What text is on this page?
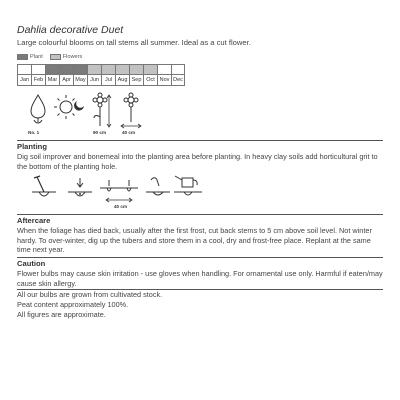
Dahlia decorative Duet
Large colourful blooms on tall stems all summer. Ideal as a cut flower.
Plant	Flowers
Jan Feb Mar Apr May Jun	Jul	Aug Sep Oct Nov Dec
No. 1	90 cm	40 cm
Planting

Dig soil improver and bonemeal into the planting area before planting. In heavy clay soils add horticultural grit to the bottom of the planting hole.

40 cm
Aftercare

When the foliage has died back, usually after the first frost, cut back stems to 5 cm above soil level. Not winter hardy. To over-winter, dig up the tubers and store them in a cool, dry and frost-free place. Replant at the same time next year.

Caution

Flower bulbs may cause skin irritation - use gloves when handling. For ornamental use only. Harmful if eaten/may cause skin allergy.

All our bulbs are grown from cultivated stock.

Peat content approximately 100%.

All figures are approximate.
